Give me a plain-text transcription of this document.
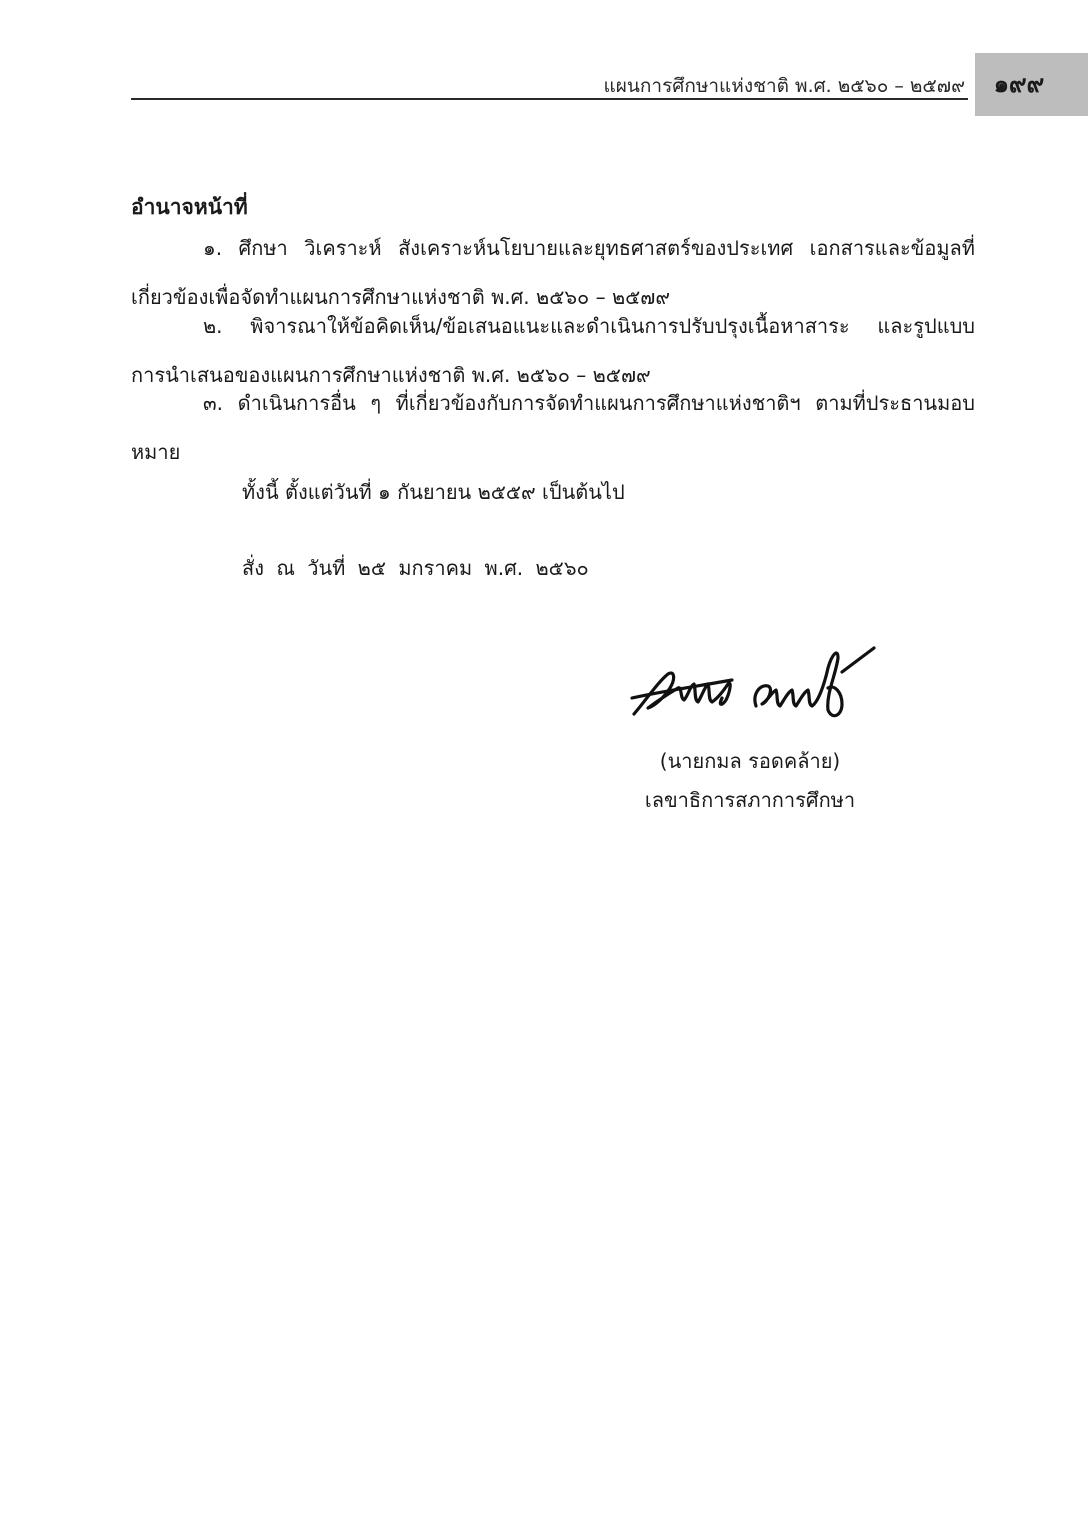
แผนการศึกษาแห่งชาติ พ.ศ. ๒๕๖๐ – ๒๕๗๙	๑๙๙
อำนาจหน้าที่

๑. ศึกษา วิเคราะห์ สังเคราะห์นโยบายและยุทธศาสตร์ของประเทศ เอกสารและข้อมูลที่เกี่ยวข้องเพื่อจัดทำแผนการศึกษาแห่งชาติ พ.ศ. ๒๕๖๐ – ๒๕๗๙

๒. พิจารณาให้ข้อคิดเห็น/ข้อเสนอแนะและดำเนินการปรับปรุงเนื้อหาสาระ และรูปแบบการนำเสนอของแผนการศึกษาแห่งชาติ พ.ศ. ๒๕๖๐ – ๒๕๗๙

๓. ดำเนินการอื่น ๆ ที่เกี่ยวข้องกับการจัดทำแผนการศึกษาแห่งชาติฯ ตามที่ประธานมอบหมาย

ทั้งนี้ ตั้งแต่วันที่ ๑ กันยายน ๒๕๕๙ เป็นต้นไป
สั่ง ณ วันที่ ๒๕ มกราคม พ.ศ. ๒๕๖๐
(นายกมล รอดคล้าย)
เลขาธิการสภาการศึกษา
